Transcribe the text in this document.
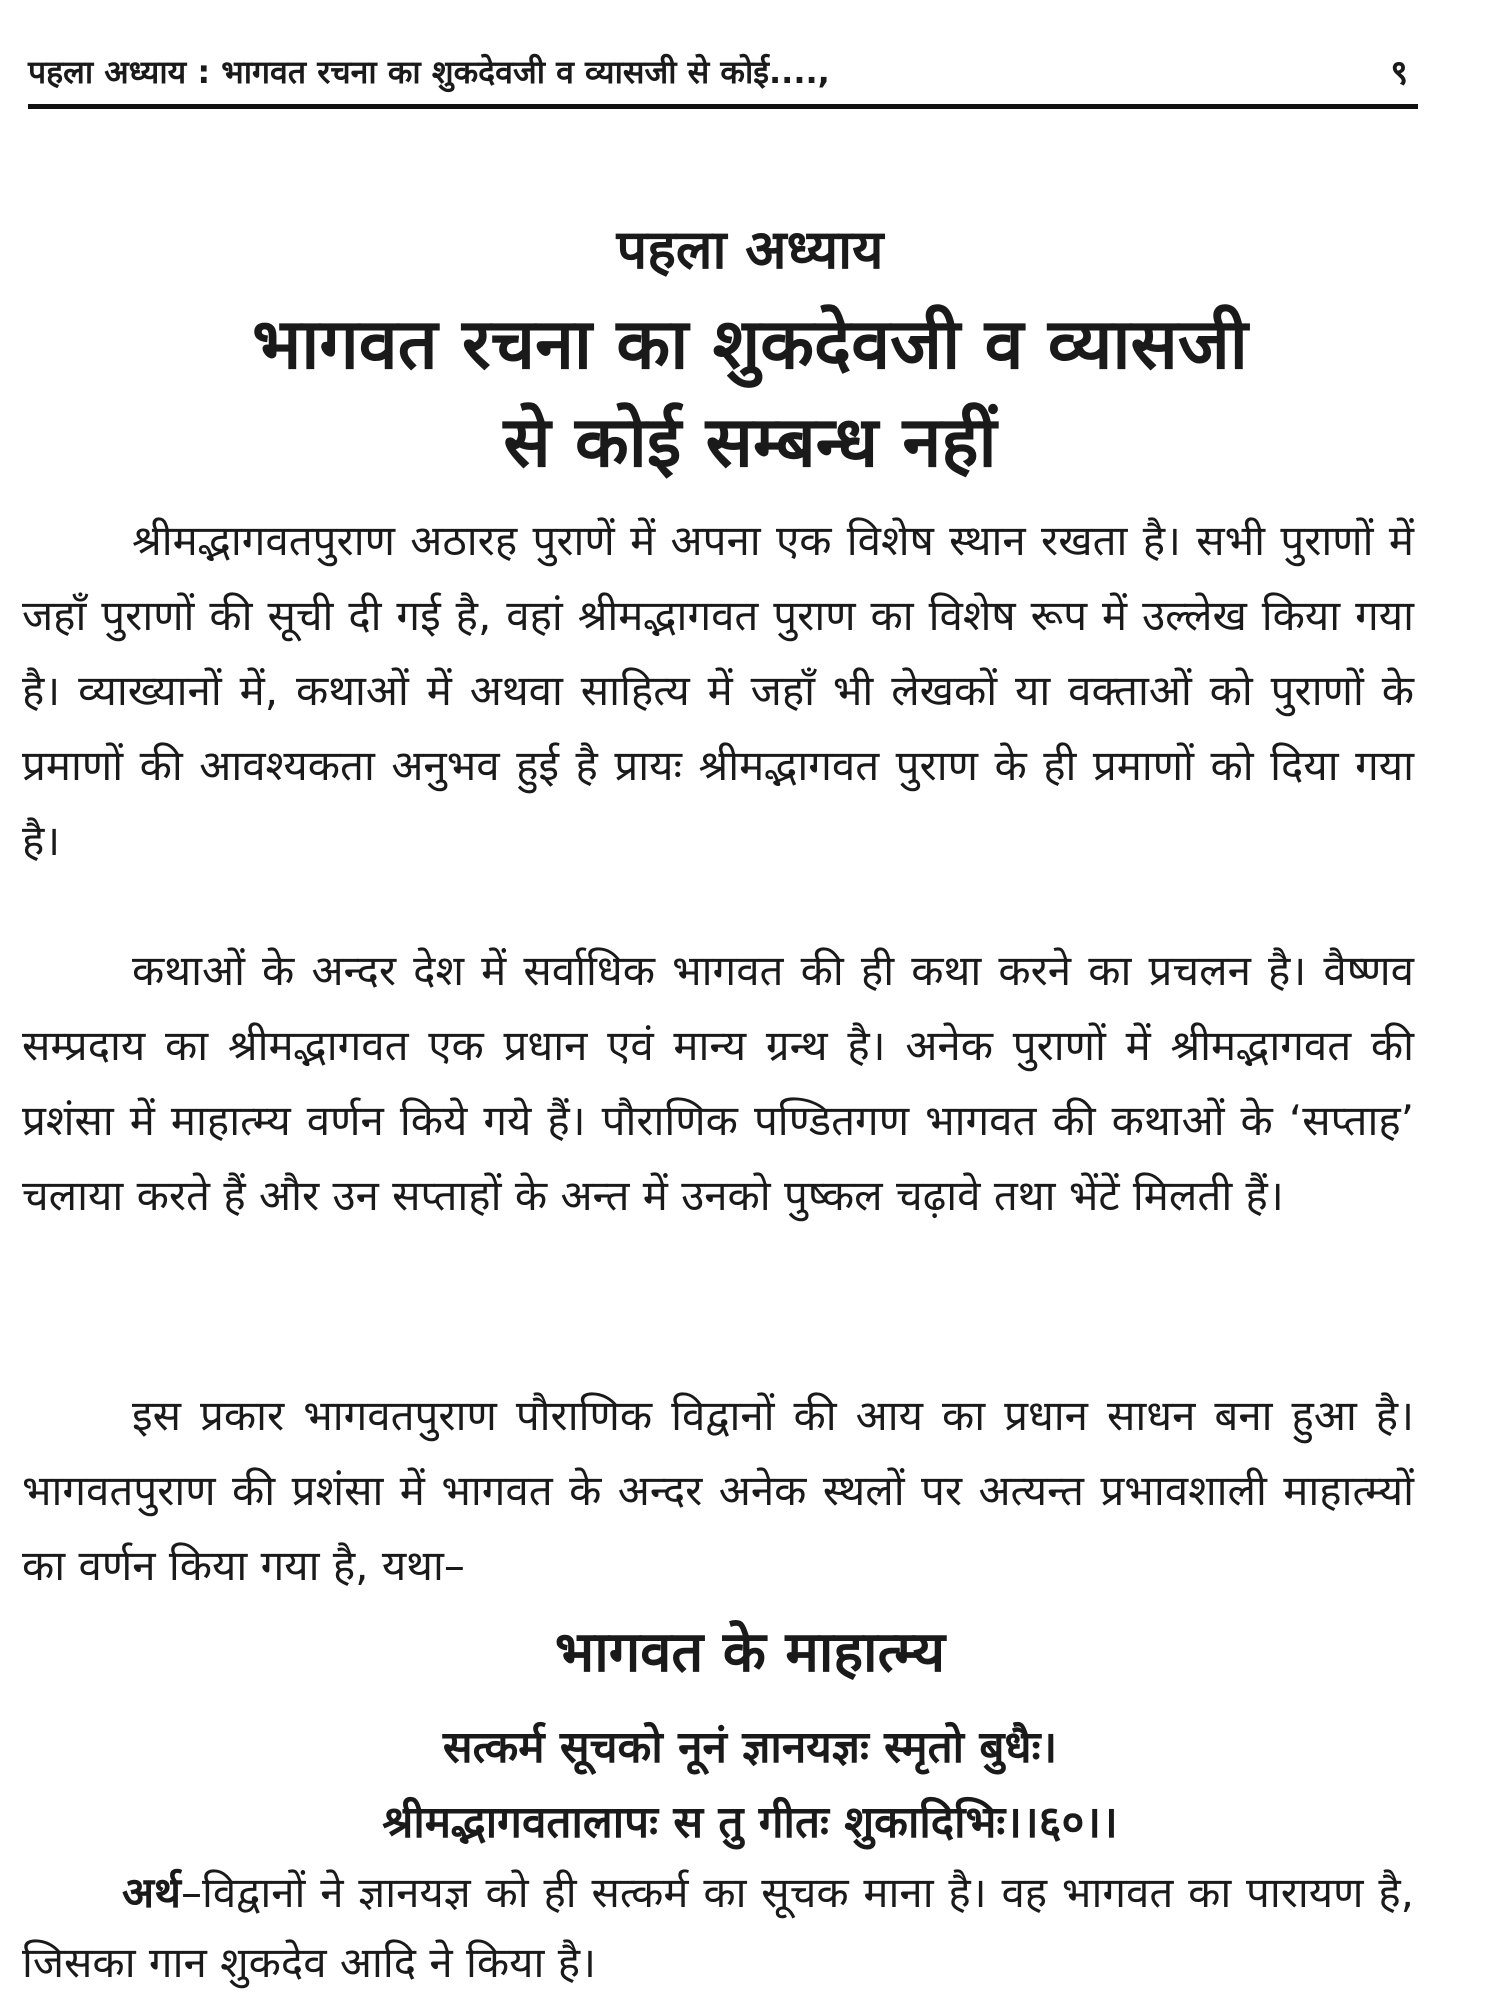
पहला अध्याय : भागवत रचना का शुकदेवजी व व्यासजी से कोई....,	९
पहला अध्याय
भागवत रचना का शुकदेवजी व व्यासजी
से कोई सम्बन्ध नहीं

श्रीमद्भागवतपुराण अठारह पुराणें में अपना एक विशेष स्थान रखता है। सभी पुराणों में जहाँ पुराणों की सूची दी गई है, वहां श्रीमद्भागवत पुराण का विशेष रूप में उल्लेख किया गया है। व्याख्यानों में, कथाओं में अथवा साहित्य में जहाँ भी लेखकों या वक्ताओं को पुराणों के प्रमाणों की आवश्यकता अनुभव हुई है प्रायः श्रीमद्भागवत पुराण के ही प्रमाणों को दिया गया है।

कथाओं के अन्दर देश में सर्वाधिक भागवत की ही कथा करने का प्रचलन है। वैष्णव सम्प्रदाय का श्रीमद्भागवत एक प्रधान एवं मान्य ग्रन्थ है। अनेक पुराणों में श्रीमद्भागवत की प्रशंसा में माहात्म्य वर्णन किये गये हैं। पौराणिक पण्डितगण भागवत की कथाओं के ‘सप्ताह’ चलाया करते हैं और उन सप्ताहों के अन्त में उनको पुष्कल चढ़ावे तथा भेंटें मिलती हैं।

इस प्रकार भागवतपुराण पौराणिक विद्वानों की आय का प्रधान साधन बना हुआ है। भागवतपुराण की प्रशंसा में भागवत के अन्दर अनेक स्थलों पर अत्यन्त प्रभावशाली माहात्म्यों का वर्णन किया गया है, यथा–

भागवत के माहात्म्य
सत्कर्म सूचको नूनं ज्ञानयज्ञः स्मृतो बुधैः।
श्रीमद्भागवतालापः स तु गीतः शुकादिभिः।।६०।।

अर्थ–विद्वानों ने ज्ञानयज्ञ को ही सत्कर्म का सूचक माना है। वह भागवत का पारायण है, जिसका गान शुकदेव आदि ने किया है।
